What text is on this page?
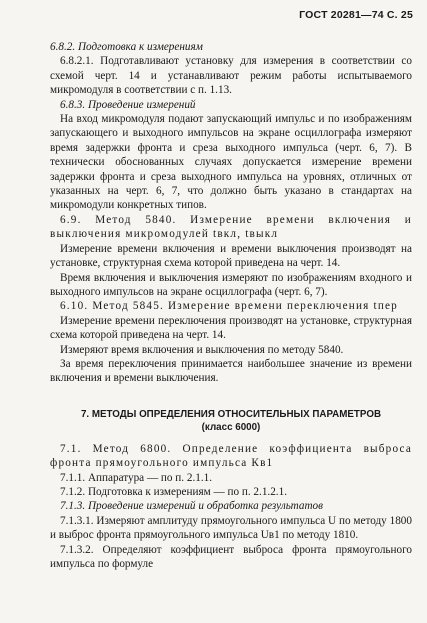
ГОСТ 20281—74 С. 25

6.8.2. Подготовка к измерениям

6.8.2.1. Подготавливают установку для измерения в соответствии со схемой черт. 14 и устанавливают режим работы испытываемого микромодуля в соответствии с п. 1.13.

6.8.3. Проведение измерений

На вход микромодуля подают запускающий импульс и по изображениям запускающего и выходного импульсов на экране осциллографа измеряют время задержки фронта и среза выходного импульса (черт. 6, 7). В технически обоснованных случаях допускается измерение времени задержки фронта и среза выходного импульса на уровнях, отличных от указанных на черт. 6, 7, что должно быть указано в стандартах на микромодули конкретных типов.

6.9. Метод 5840. Измерение времени включения и выключения микромодулей tвкл, tвыкл

Измерение времени включения и времени выключения производят на установке, структурная схема которой приведена на черт. 14.

Время включения и выключения измеряют по изображениям входного и выходного импульсов на экране осциллографа (черт. 6, 7).

6.10. Метод 5845. Измерение времени переключения tпер

Измерение времени переключения производят на установке, структурная схема которой приведена на черт. 14.

Измеряют время включения и выключения по методу 5840.

За время переключения принимается наибольшее значение из времени включения и времени выключения.

7. МЕТОДЫ ОПРЕДЕЛЕНИЯ ОТНОСИТЕЛЬНЫХ ПАРАМЕТРОВ
(класс 6000)

7.1. Метод 6800. Определение коэффициента выброса фронта прямоугольного импульса Кв1

7.1.1. Аппаратура — по п. 2.1.1.

7.1.2. Подготовка к измерениям — по п. 2.1.2.1.

7.1.3. Проведение измерений и обработка результатов

7.1.3.1. Измеряют амплитуду прямоугольного импульса U по методу 1800 и выброс фронта прямоугольного импульса Uв1 по методу 1810.

7.1.3.2. Определяют коэффициент выброса фронта прямоугольного импульса по формуле
